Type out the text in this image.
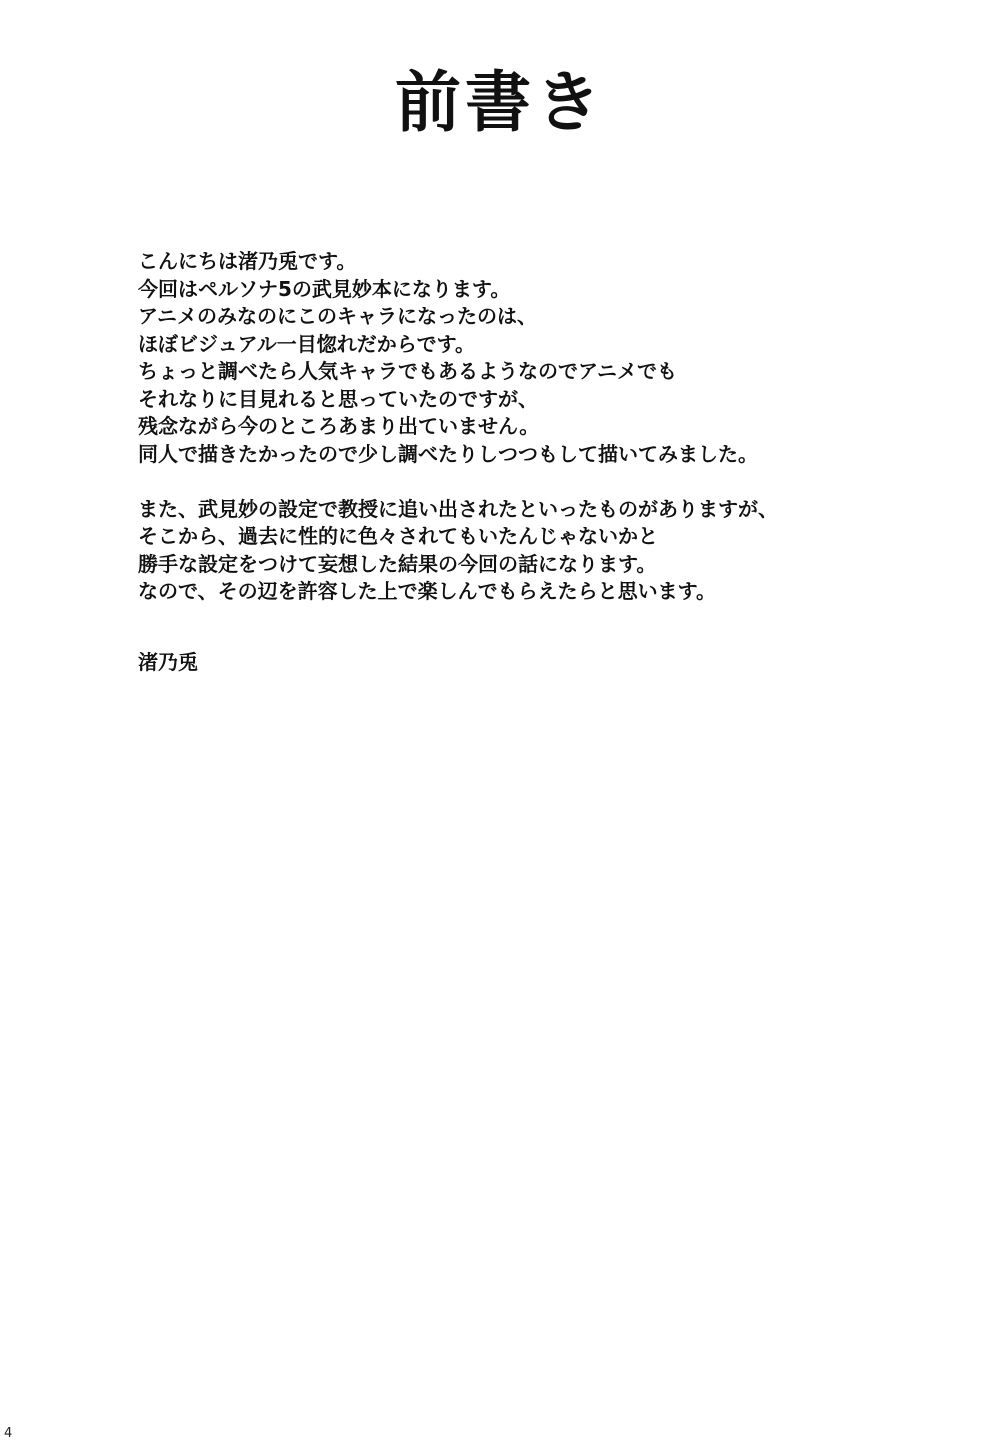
前書き
こんにちは渚乃兎です。
今回はペルソナ5の武見妙本になります。
アニメのみなのにこのキャラになったのは、
ほぼビジュアル一目惚れだからです。
ちょっと調べたら人気キャラでもあるようなのでアニメでも
それなりに目見れると思っていたのですが、
残念ながら今のところあまり出ていません。
同人で描きたかったので少し調べたりしつつもして描いてみました。
また、武見妙の設定で教授に追い出されたといったものがありますが、
そこから、過去に性的に色々されてもいたんじゃないかと
勝手な設定をつけて妄想した結果の今回の話になります。
なので、その辺を許容した上で楽しんでもらえたらと思います。

渚乃兎

4
